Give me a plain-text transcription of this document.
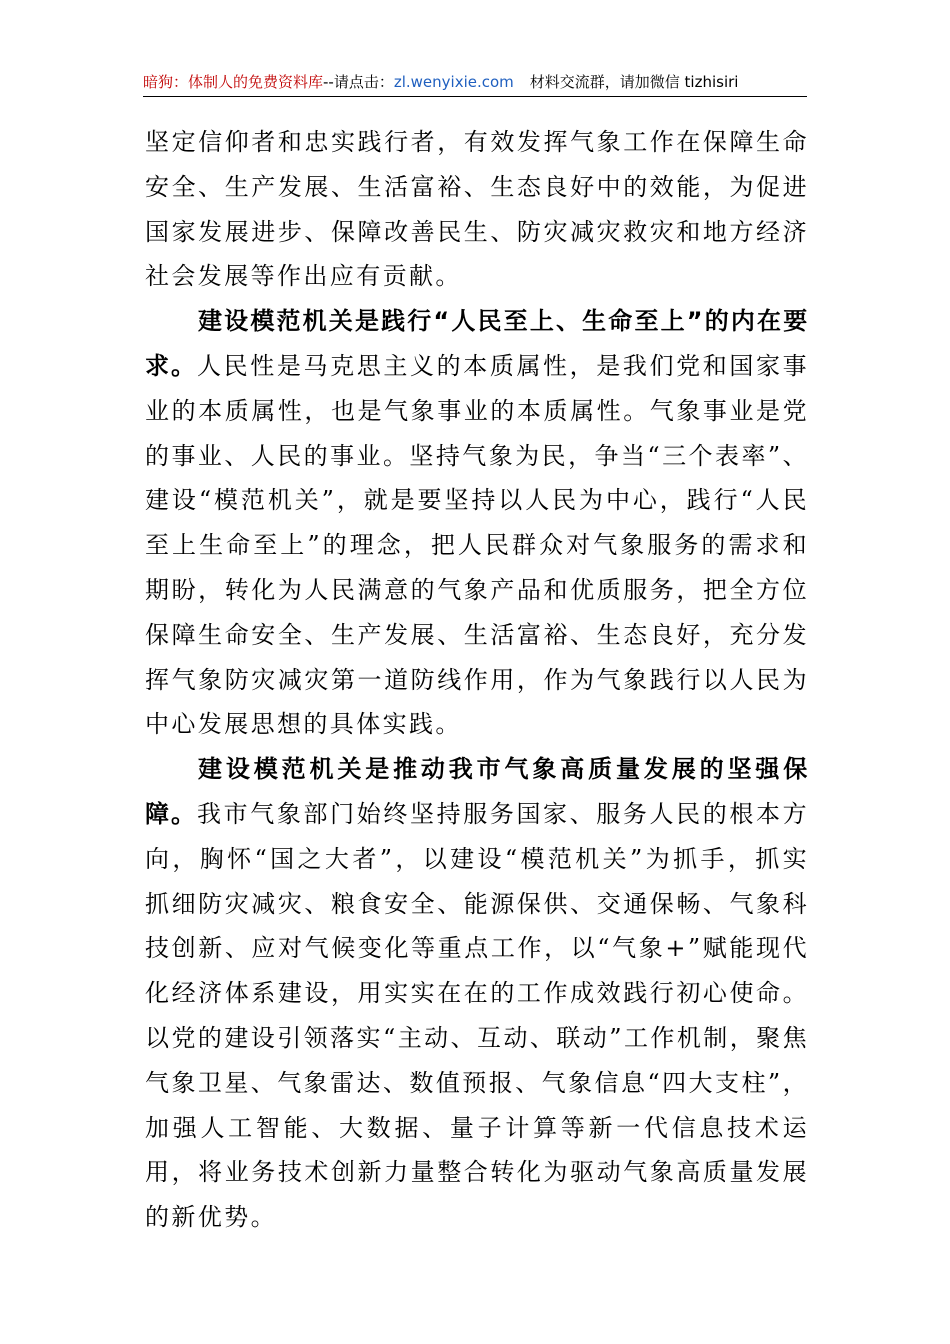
暗狗：体制人的免费资料库--请点击：zl.wenyixie.com 材料交流群，请加微信 tizhisiri

坚定信仰者和忠实践行者，有效发挥气象工作在保障生命安全、生产发展、生活富裕、生态良好中的效能，为促进国家发展进步、保障改善民生、防灾减灾救灾和地方经济社会发展等作出应有贡献。

建设模范机关是践行“人民至上、生命至上”的内在要求。人民性是马克思主义的本质属性，是我们党和国家事业的本质属性，也是气象事业的本质属性。气象事业是党的事业、人民的事业。坚持气象为民，争当“三个表率”、建设“模范机关”，就是要坚持以人民为中心，践行“人民至上生命至上”的理念，把人民群众对气象服务的需求和期盼，转化为人民满意的气象产品和优质服务，把全方位保障生命安全、生产发展、生活富裕、生态良好，充分发挥气象防灾减灾第一道防线作用，作为气象践行以人民为中心发展思想的具体实践。

建设模范机关是推动我市气象高质量发展的坚强保障。我市气象部门始终坚持服务国家、服务人民的根本方向，胸怀“国之大者”，以建设“模范机关”为抓手，抓实抓细防灾减灾、粮食安全、能源保供、交通保畅、气象科技创新、应对气候变化等重点工作，以“气象+”赋能现代化经济体系建设，用实实在在的工作成效践行初心使命。以党的建设引领落实“主动、互动、联动”工作机制，聚焦气象卫星、气象雷达、数值预报、气象信息“四大支柱”，加强人工智能、大数据、量子计算等新一代信息技术运用，将业务技术创新力量整合转化为驱动气象高质量发展的新优势。
